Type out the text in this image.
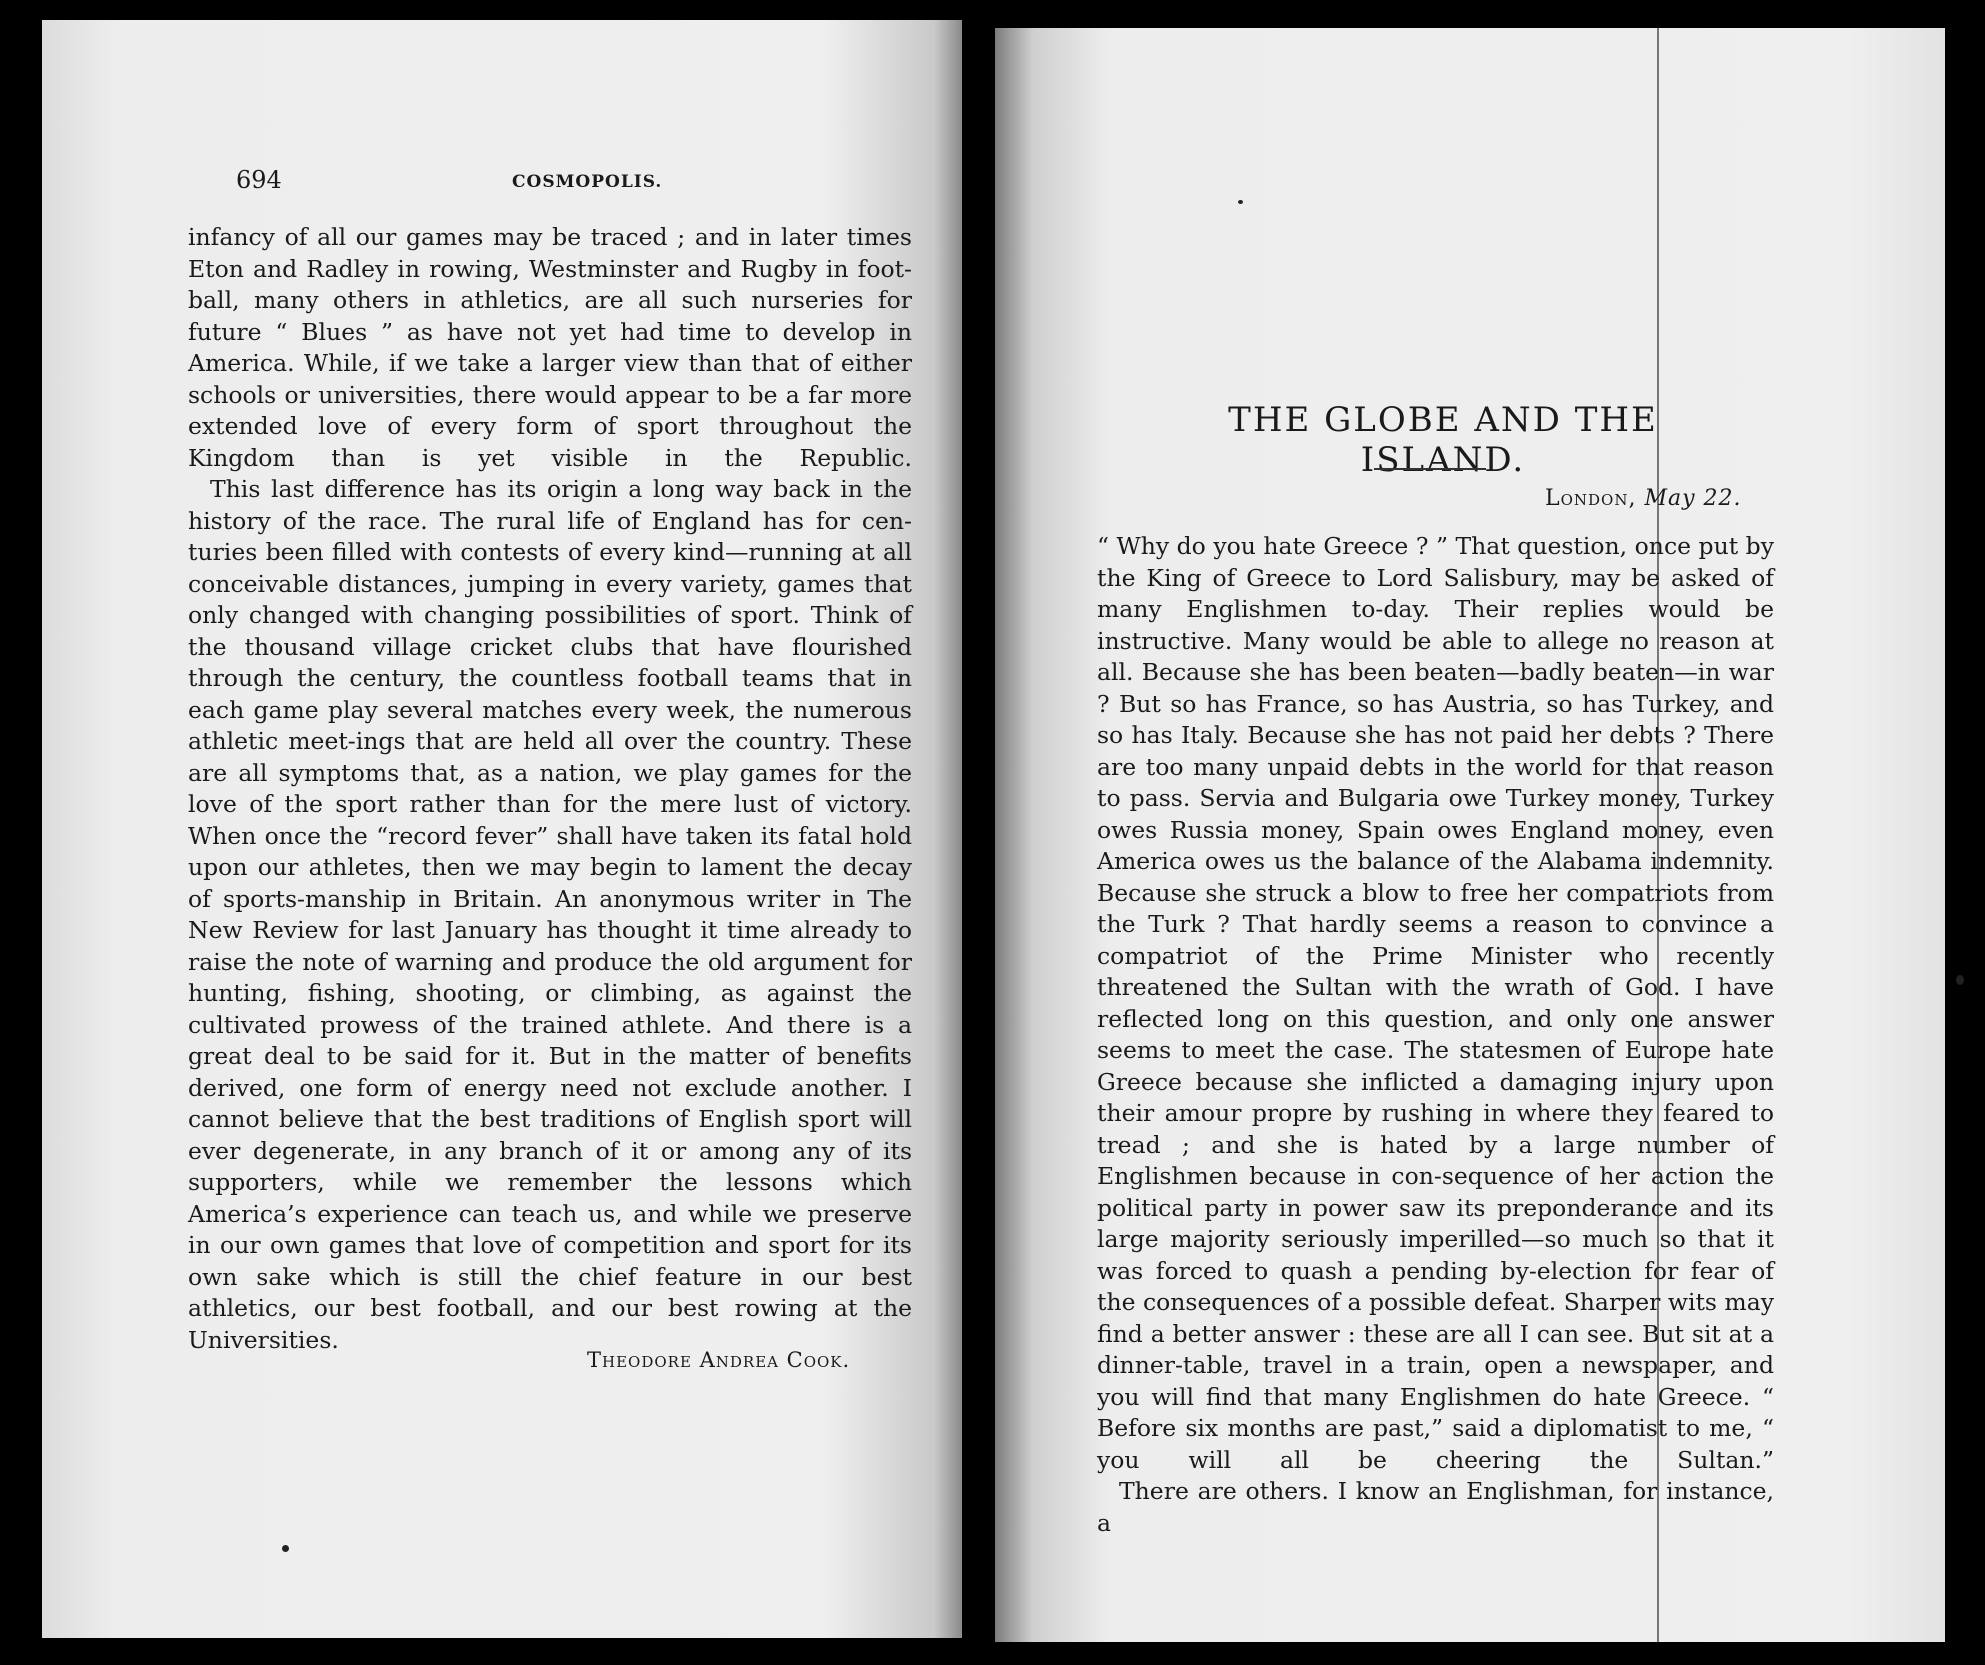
694	COSMOPOLIS.

infancy of all our games may be traced ; and in later times Eton and Radley in rowing, Westminster and Rugby in foot-ball, many others in athletics, are all such nurseries for future “ Blues ” as have not yet had time to develop in America. While, if we take a larger view than that of either schools or universities, there would appear to be a far more extended love of every form of sport throughout the Kingdom than is yet visible in the Republic.

This last difference has its origin a long way back in the history of the race. The rural life of England has for cen-turies been filled with contests of every kind—running at all conceivable distances, jumping in every variety, games that only changed with changing possibilities of sport. Think of the thousand village cricket clubs that have flourished through the century, the countless football teams that in each game play several matches every week, the numerous athletic meet-ings that are held all over the country. These are all symptoms that, as a nation, we play games for the love of the sport rather than for the mere lust of victory. When once the “record fever” shall have taken its fatal hold upon our athletes, then we may begin to lament the decay of sports-manship in Britain. An anonymous writer in The New Review for last January has thought it time already to raise the note of warning and produce the old argument for hunting, fishing, shooting, or climbing, as against the cultivated prowess of the trained athlete. And there is a great deal to be said for it. But in the matter of benefits derived, one form of energy need not exclude another. I cannot believe that the best traditions of English sport will ever degenerate, in any branch of it or among any of its supporters, while we remember the lessons which America’s experience can teach us, and while we preserve in our own games that love of competition and sport for its own sake which is still the chief feature in our best athletics, our best football, and our best rowing at the Universities.

Theodore Andrea Cook.
THE GLOBE AND THE ISLAND.
London, May 22.

“ Why do you hate Greece ? ” That question, once put by the King of Greece to Lord Salisbury, may be asked of many Englishmen to-day. Their replies would be instructive. Many would be able to allege no reason at all. Because she has been beaten—badly beaten—in war ? But so has France, so has Austria, so has Turkey, and so has Italy. Because she has not paid her debts ? There are too many unpaid debts in the world for that reason to pass. Servia and Bulgaria owe Turkey money, Turkey owes Russia money, Spain owes England money, even America owes us the balance of the Alabama indemnity. Because she struck a blow to free her compatriots from the Turk ? That hardly seems a reason to convince a compatriot of the Prime Minister who recently threatened the Sultan with the wrath of God. I have reflected long on this question, and only one answer seems to meet the case. The statesmen of Europe hate Greece because she inflicted a damaging injury upon their amour propre by rushing in where they feared to tread ; and she is hated by a large number of Englishmen because in con-sequence of her action the political party in power saw its preponderance and its large majority seriously imperilled—so much so that it was forced to quash a pending by-election for fear of the consequences of a possible defeat. Sharper wits may find a better answer : these are all I can see. But sit at a dinner-table, travel in a train, open a newspaper, and you will find that many Englishmen do hate Greece. “ Before six months are past,” said a diplomatist to me, “ you will all be cheering the Sultan.”

There are others. I know an Englishman, for instance, a
